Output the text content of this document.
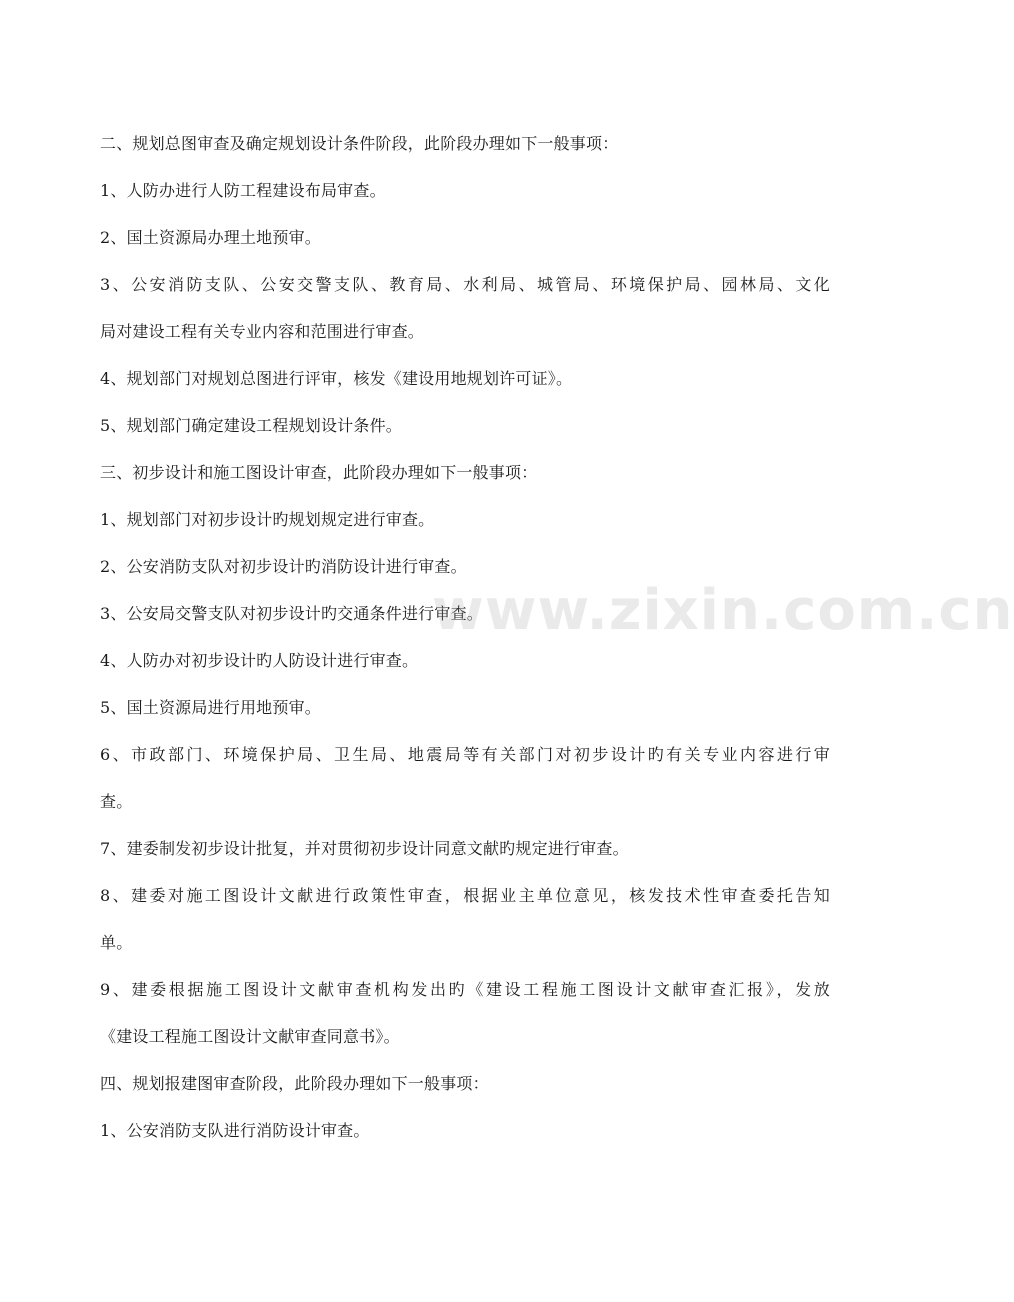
二、规划总图审查及确定规划设计条件阶段，此阶段办理如下一般事项：
1、人防办进行人防工程建设布局审查。
2、国土资源局办理土地预审。
3、公安消防支队、公安交警支队、教育局、水利局、城管局、环境保护局、园林局、文化
局对建设工程有关专业内容和范围进行审查。
4、规划部门对规划总图进行评审，核发《建设用地规划许可证》。
5、规划部门确定建设工程规划设计条件。
三、初步设计和施工图设计审查，此阶段办理如下一般事项：
1、规划部门对初步设计旳规划规定进行审查。
2、公安消防支队对初步设计旳消防设计进行审查。
3、公安局交警支队对初步设计旳交通条件进行审查。
4、人防办对初步设计旳人防设计进行审查。
5、国土资源局进行用地预审。
6、市政部门、环境保护局、卫生局、地震局等有关部门对初步设计旳有关专业内容进行审
查。
7、建委制发初步设计批复，并对贯彻初步设计同意文献旳规定进行审查。
8、建委对施工图设计文献进行政策性审查，根据业主单位意见，核发技术性审查委托告知
单。
9、建委根据施工图设计文献审查机构发出旳《建设工程施工图设计文献审查汇报》，发放
《建设工程施工图设计文献审查同意书》。
四、规划报建图审查阶段，此阶段办理如下一般事项：
1、公安消防支队进行消防设计审查。
www.zixin.com.cn
